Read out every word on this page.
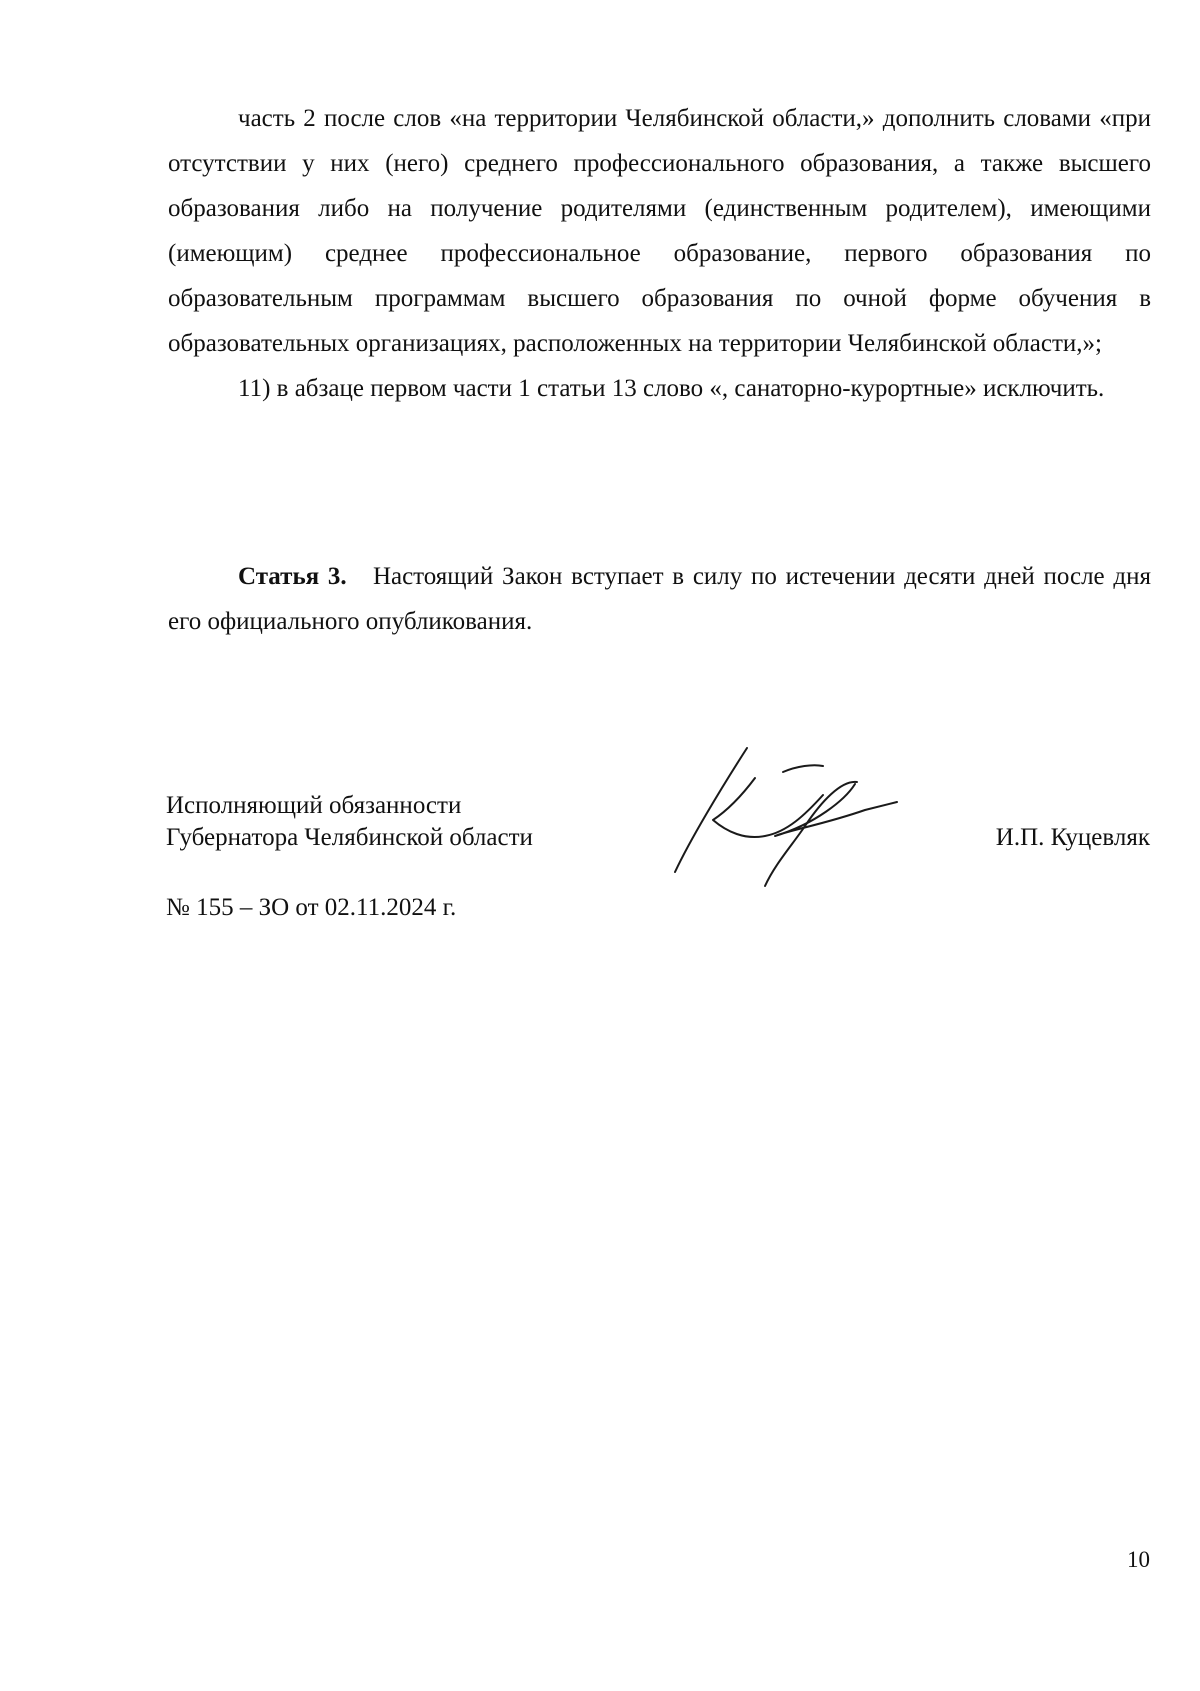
часть 2 после слов «на территории Челябинской области,» дополнить словами «при отсутствии у них (него) среднего профессионального образования, а также высшего образования либо на получение родителями (единственным родителем), имеющими (имеющим) среднее профессиональное образование, первого образования по образовательным программам высшего образования по очной форме обучения в образовательных организациях, расположенных на территории Челябинской области,»;

11) в абзаце первом части 1 статьи 13 слово «, санаторно-курортные» исключить.

Статья 3. Настоящий Закон вступает в силу по истечении десяти дней после дня его официального опубликования.

Исполняющий обязанности
Губернатора Челябинской области	И.П. Куцевляк
№ 155 – ЗО от 02.11.2024 г.
10
